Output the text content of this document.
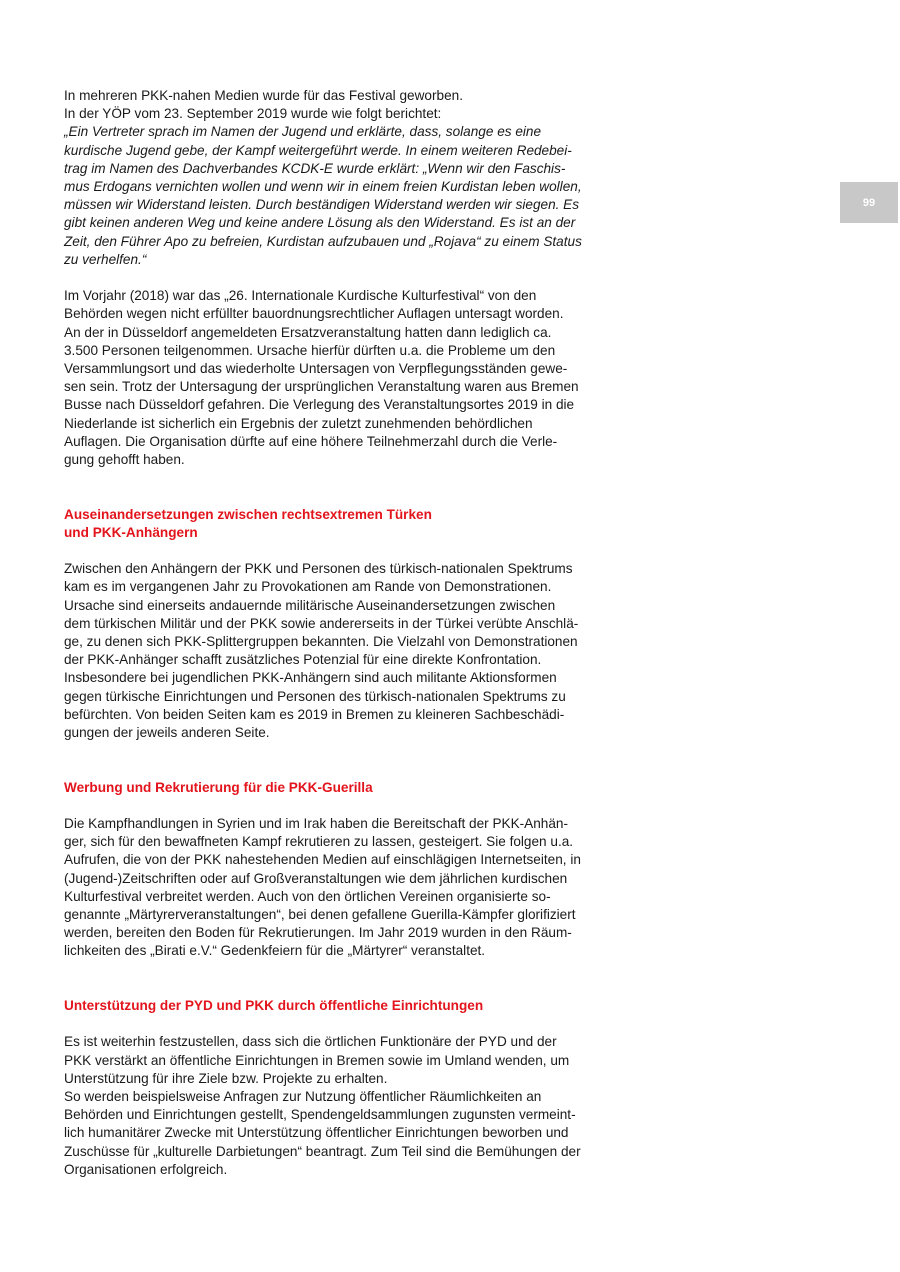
In mehreren PKK-nahen Medien wurde für das Festival geworben.
In der YÖP vom 23. September 2019 wurde wie folgt berichtet:
„Ein Vertreter sprach im Namen der Jugend und erklärte, dass, solange es eine
kurdische Jugend gebe, der Kampf weitergeführt werde. In einem weiteren Redebei-
trag im Namen des Dachverbandes KCDK-E wurde erklärt: „Wenn wir den Faschis-
mus Erdogans vernichten wollen und wenn wir in einem freien Kurdistan leben wollen,
müssen wir Widerstand leisten. Durch beständigen Widerstand werden wir siegen. Es
gibt keinen anderen Weg und keine andere Lösung als den Widerstand. Es ist an der
Zeit, den Führer Apo zu befreien, Kurdistan aufzubauen und „Rojava“ zu einem Status
zu verhelfen.“
Im Vorjahr (2018) war das „26. Internationale Kurdische Kulturfestival“ von den
Behörden wegen nicht erfüllter bauordnungsrechtlicher Auflagen untersagt worden.
An der in Düsseldorf angemeldeten Ersatzveranstaltung hatten dann lediglich ca.
3.500 Personen teilgenommen. Ursache hierfür dürften u.a. die Probleme um den
Versammlungsort und das wiederholte Untersagen von Verpflegungsständen gewe-
sen sein. Trotz der Untersagung der ursprünglichen Veranstaltung waren aus Bremen
Busse nach Düsseldorf gefahren. Die Verlegung des Veranstaltungsortes 2019 in die
Niederlande ist sicherlich ein Ergebnis der zuletzt zunehmenden behördlichen
Auflagen. Die Organisation dürfte auf eine höhere Teilnehmerzahl durch die Verle-
gung gehofft haben.
Auseinandersetzungen zwischen rechtsextremen Türken
und PKK-Anhängern
Zwischen den Anhängern der PKK und Personen des türkisch-nationalen Spektrums
kam es im vergangenen Jahr zu Provokationen am Rande von Demonstrationen.
Ursache sind einerseits andauernde militärische Auseinandersetzungen zwischen
dem türkischen Militär und der PKK sowie andererseits in der Türkei verübte Anschlä-
ge, zu denen sich PKK-Splittergruppen bekannten. Die Vielzahl von Demonstrationen
der PKK-Anhänger schafft zusätzliches Potenzial für eine direkte Konfrontation.
Insbesondere bei jugendlichen PKK-Anhängern sind auch militante Aktionsformen
gegen türkische Einrichtungen und Personen des türkisch-nationalen Spektrums zu
befürchten. Von beiden Seiten kam es 2019 in Bremen zu kleineren Sachbeschädi-
gungen der jeweils anderen Seite.
Werbung und Rekrutierung für die PKK-Guerilla
Die Kampfhandlungen in Syrien und im Irak haben die Bereitschaft der PKK-Anhän-
ger, sich für den bewaffneten Kampf rekrutieren zu lassen, gesteigert. Sie folgen u.a.
Aufrufen, die von der PKK nahestehenden Medien auf einschlägigen Internetseiten, in
(Jugend-)Zeitschriften oder auf Großveranstaltungen wie dem jährlichen kurdischen
Kulturfestival verbreitet werden. Auch von den örtlichen Vereinen organisierte so-
genannte „Märtyrerveranstaltungen“, bei denen gefallene Guerilla-Kämpfer glorifiziert
werden, bereiten den Boden für Rekrutierungen. Im Jahr 2019 wurden in den Räum-
lichkeiten des „Birati e.V.“ Gedenkfeiern für die „Märtyrer“ veranstaltet.
Unterstützung der PYD und PKK durch öffentliche Einrichtungen
Es ist weiterhin festzustellen, dass sich die örtlichen Funktionäre der PYD und der
PKK verstärkt an öffentliche Einrichtungen in Bremen sowie im Umland wenden, um
Unterstützung für ihre Ziele bzw. Projekte zu erhalten.
So werden beispielsweise Anfragen zur Nutzung öffentlicher Räumlichkeiten an
Behörden und Einrichtungen gestellt, Spendengeldsammlungen zugunsten vermeint-
lich humanitärer Zwecke mit Unterstützung öffentlicher Einrichtungen beworben und
Zuschüsse für „kulturelle Darbietungen“ beantragt. Zum Teil sind die Bemühungen der
Organisationen erfolgreich.
99
